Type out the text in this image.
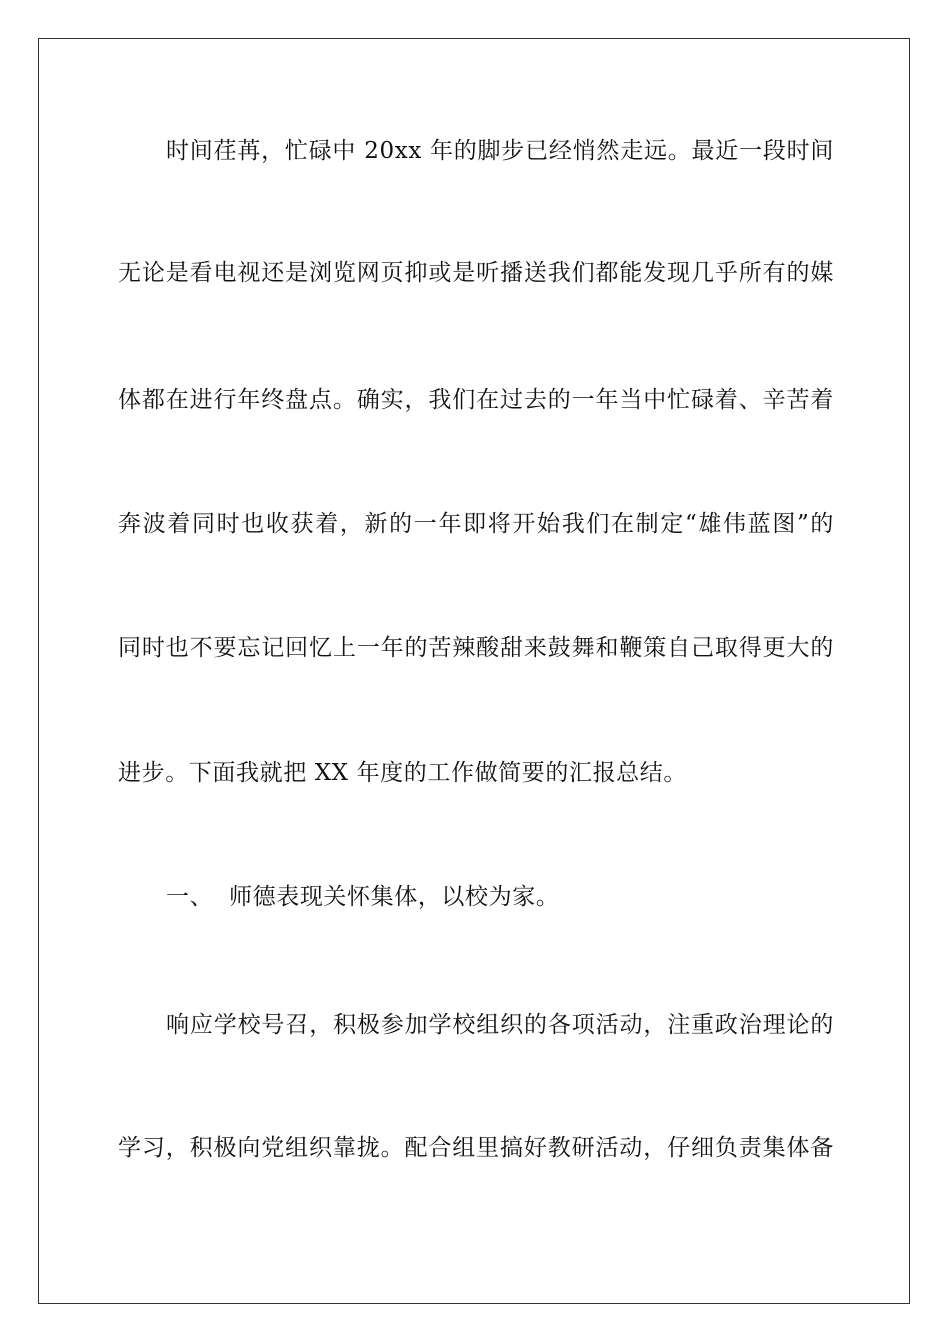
时间荏苒，忙碌中 20xx 年的脚步已经悄然走远。最近一段时间
无论是看电视还是浏览网页抑或是听播送我们都能发现几乎所有的媒
体都在进行年终盘点。确实，我们在过去的一年当中忙碌着、辛苦着
奔波着同时也收获着，新的一年即将开始我们在制定“雄伟蓝图”的
同时也不要忘记回忆上一年的苦辣酸甜来鼓舞和鞭策自己取得更大的
进步。下面我就把 XX 年度的工作做简要的汇报总结。
一、  师德表现关怀集体，以校为家。
响应学校号召，积极参加学校组织的各项活动，注重政治理论的
学习，积极向党组织靠拢。配合组里搞好教研活动，仔细负责集体备
